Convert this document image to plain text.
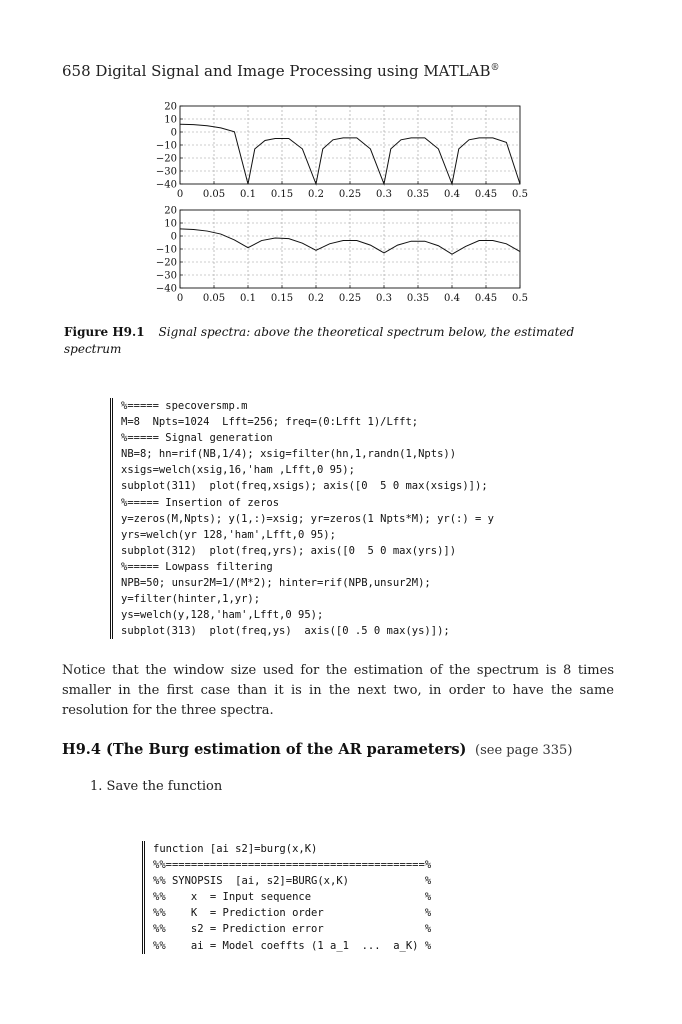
658 Digital Signal and Image Processing using MATLAB®
0 0.05 0.1 0.15 0.2 0.25 0.3 0.35 0.4 0.45 0.5
20
10
0
−10
−20
−30
−40
0 0.05 0.1 0.15 0.2 0.25 0.3 0.35 0.4 0.45 0.5
20
10
0
−10
−20
−30
−40
Figure H9.1 Signal spectra: above the theoretical spectrum below, the estimated spectrum
%===== specoversmp.m
M=8  Npts=1024  Lfft=256; freq=(0:Lfft 1)/Lfft;
%===== Signal generation
NB=8; hn=rif(NB,1/4); xsig=filter(hn,1,randn(1,Npts))
xsigs=welch(xsig,16,'ham ,Lfft,0 95);
subplot(311)  plot(freq,xsigs); axis([0  5 0 max(xsigs)]);
%===== Insertion of zeros
y=zeros(M,Npts); y(1,:)=xsig; yr=zeros(1 Npts*M); yr(:) = y
yrs=welch(yr 128,'ham',Lfft,0 95);
subplot(312)  plot(freq,yrs); axis([0  5 0 max(yrs)])
%===== Lowpass filtering
NPB=50; unsur2M=1/(M*2); hinter=rif(NPB,unsur2M);
y=filter(hinter,1,yr);
ys=welch(y,128,'ham',Lfft,0 95);
subplot(313)  plot(freq,ys)  axis([0 .5 0 max(ys)]);
Notice that the window size used for the estimation of the spectrum is 8 times smaller in the first case than it is in the next two, in order to have the same resolution for the three spectra.
H9.4 (The Burg estimation of the AR parameters) (see page 335)
1. Save the function
function [ai s2]=burg(x,K)
%%=========================================%
%% SYNOPSIS  [ai, s2]=BURG(x,K)            %
%%    x  = Input sequence                  %
%%    K  = Prediction order                %
%%    s2 = Prediction error                %
%%    ai = Model coeffts (1 a_1  ...  a_K) %
